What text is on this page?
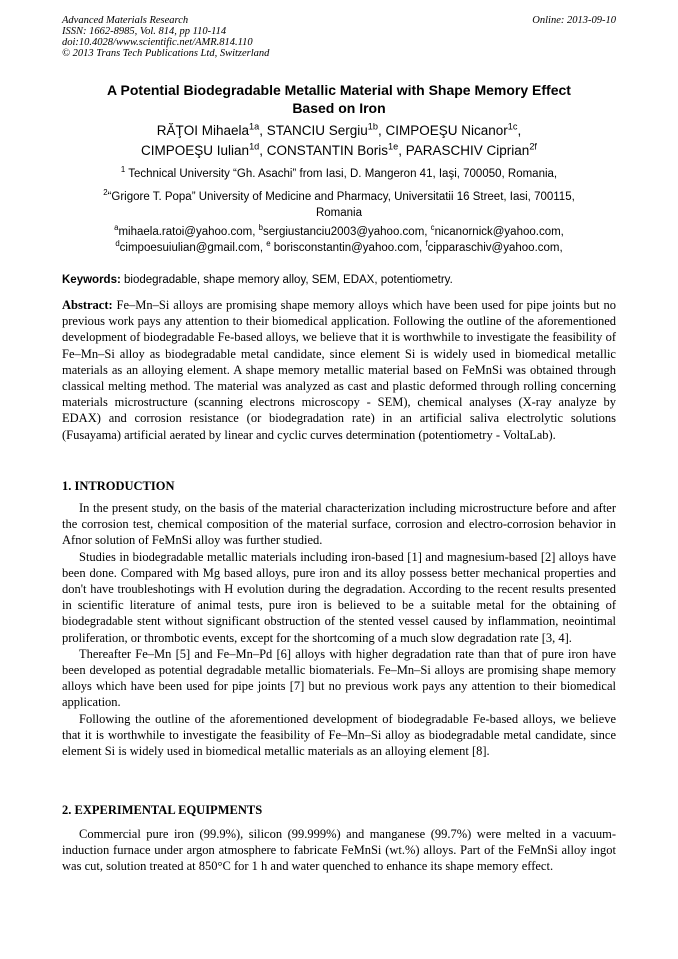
Advanced Materials Research
ISSN: 1662-8985, Vol. 814, pp 110-114
doi:10.4028/www.scientific.net/AMR.814.110
© 2013 Trans Tech Publications Ltd, Switzerland
Online: 2013-09-10
A Potential Biodegradable Metallic Material with Shape Memory Effect
Based on Iron
RĂŢOI Mihaela$^{1a}$, STANCIU Sergiu$^{1b}$, CIMPOEŞU Nicanor$^{1c}$,
CIMPOEŞU Iulian$^{1d}$, CONSTANTIN Boris$^{1e}$, PARASCHIV Ciprian$^{2f}$
$^1$ Technical University “Gh. Asachi” from Iasi, D. Mangeron 41, Iaşi, 700050, Romania,
$^2$“Grigore T. Popa” University of Medicine and Pharmacy, Universitatii 16 Street, Iasi, 700115,
Romania
$^a$mihaela.ratoi@yahoo.com, $^b$sergiustanciu2003@yahoo.com, $^c$nicanornick@yahoo.com,
$^d$cimpoesuiulian@gmail.com, $^e$ borisconstantin@yahoo.com, $^f$cipparaschiv@yahoo.com,
Keywords: biodegradable, shape memory alloy, SEM, EDAX, potentiometry.
Abstract: Fe–Mn–Si alloys are promising shape memory alloys which have been used for pipe joints but no previous work pays any attention to their biomedical application. Following the outline of the aforementioned development of biodegradable Fe-based alloys, we believe that it is worthwhile to investigate the feasibility of Fe–Mn–Si alloy as biodegradable metal candidate, since element Si is widely used in biomedical metallic materials as an alloying element. A shape memory metallic material based on FeMnSi was obtained through classical melting method. The material was analyzed as cast and plastic deformed through rolling concerning materials microstructure (scanning electrons microscopy - SEM), chemical analyses (X-ray analyze by EDAX) and corrosion resistance (or biodegradation rate) in an artificial saliva electrolytic solutions (Fusayama) artificial aerated by linear and cyclic curves determination (potentiometry - VoltaLab).
1. INTRODUCTION

In the present study, on the basis of the material characterization including microstructure before and after the corrosion test, chemical composition of the material surface, corrosion and electro-corrosion behavior in Afnor solution of FeMnSi alloy was further studied.

Studies in biodegradable metallic materials including iron-based [1] and magnesium-based [2] alloys have been done. Compared with Mg based alloys, pure iron and its alloy possess better mechanical properties and don't have troubleshotings with H evolution during the degradation. According to the recent results presented in scientific literature of animal tests, pure iron is believed to be a suitable metal for the obtaining of biodegradable stent without significant obstruction of the stented vessel caused by inflammation, neointimal proliferation, or thrombotic events, except for the shortcoming of a much slow degradation rate [3, 4].

Thereafter Fe–Mn [5] and Fe–Mn–Pd [6] alloys with higher degradation rate than that of pure iron have been developed as potential degradable metallic biomaterials. Fe–Mn–Si alloys are promising shape memory alloys which have been used for pipe joints [7] but no previous work pays any attention to their biomedical application.

Following the outline of the aforementioned development of biodegradable Fe-based alloys, we believe that it is worthwhile to investigate the feasibility of Fe–Mn–Si alloy as biodegradable metal candidate, since element Si is widely used in biomedical metallic materials as an alloying element [8].

2. EXPERIMENTAL EQUIPMENTS

Commercial pure iron (99.9%), silicon (99.999%) and manganese (99.7%) were melted in a vacuum-induction furnace under argon atmosphere to fabricate FeMnSi (wt.%) alloys. Part of the FeMnSi alloy ingot was cut, solution treated at 850°C for 1 h and water quenched to enhance its shape memory effect.
